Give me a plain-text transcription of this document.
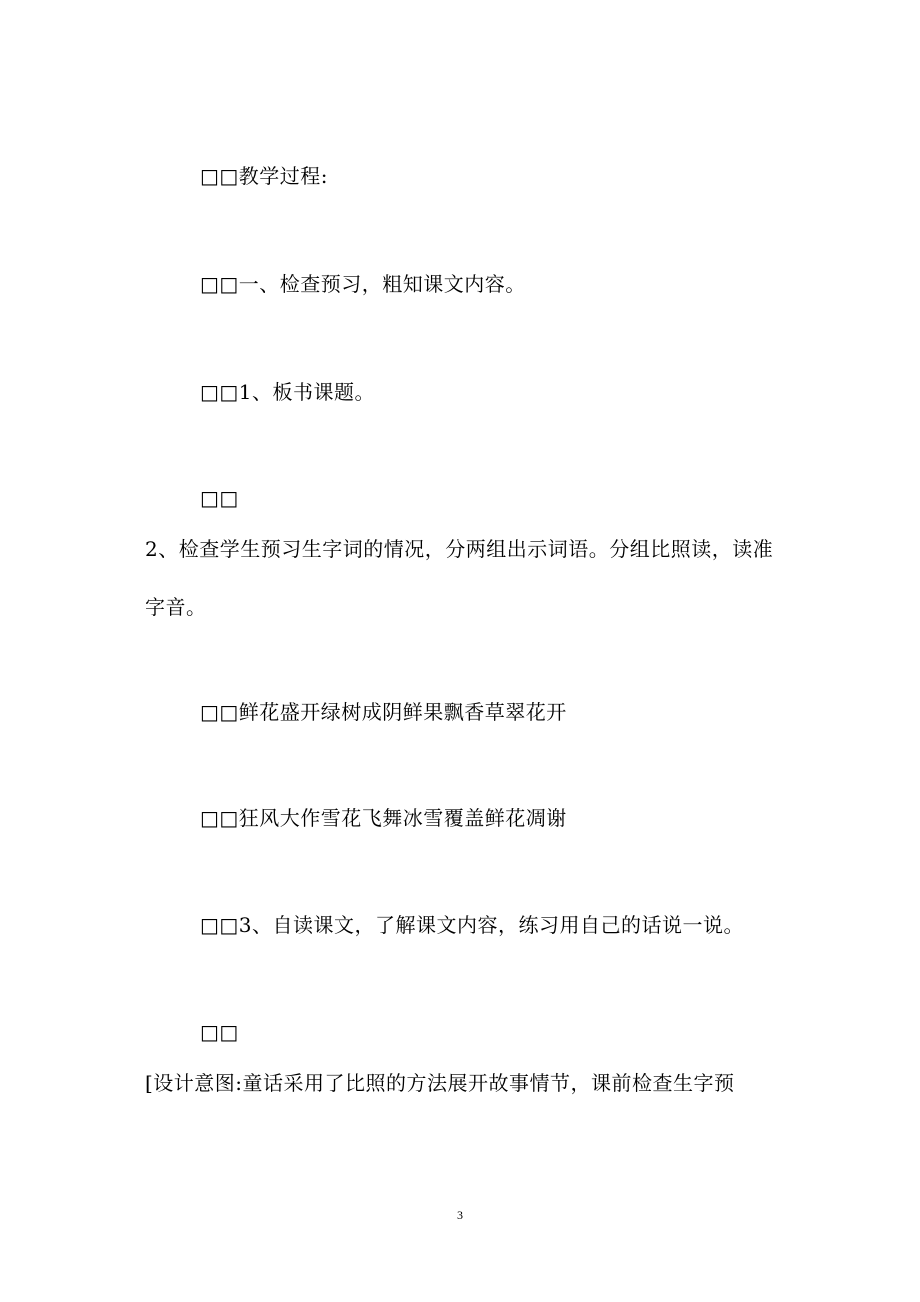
□□教学过程:

□□一、检查预习，粗知课文内容。

□□1、板书课题。

□□

2、检查学生预习生字词的情况，分两组出示词语。分组比照读，读准

字音。

□□鲜花盛开绿树成阴鲜果飘香草翠花开

□□狂风大作雪花飞舞冰雪覆盖鲜花凋谢

□□3、自读课文，了解课文内容，练习用自己的话说一说。

□□

[设计意图:童话采用了比照的方法展开故事情节，课前检查生字预

3
